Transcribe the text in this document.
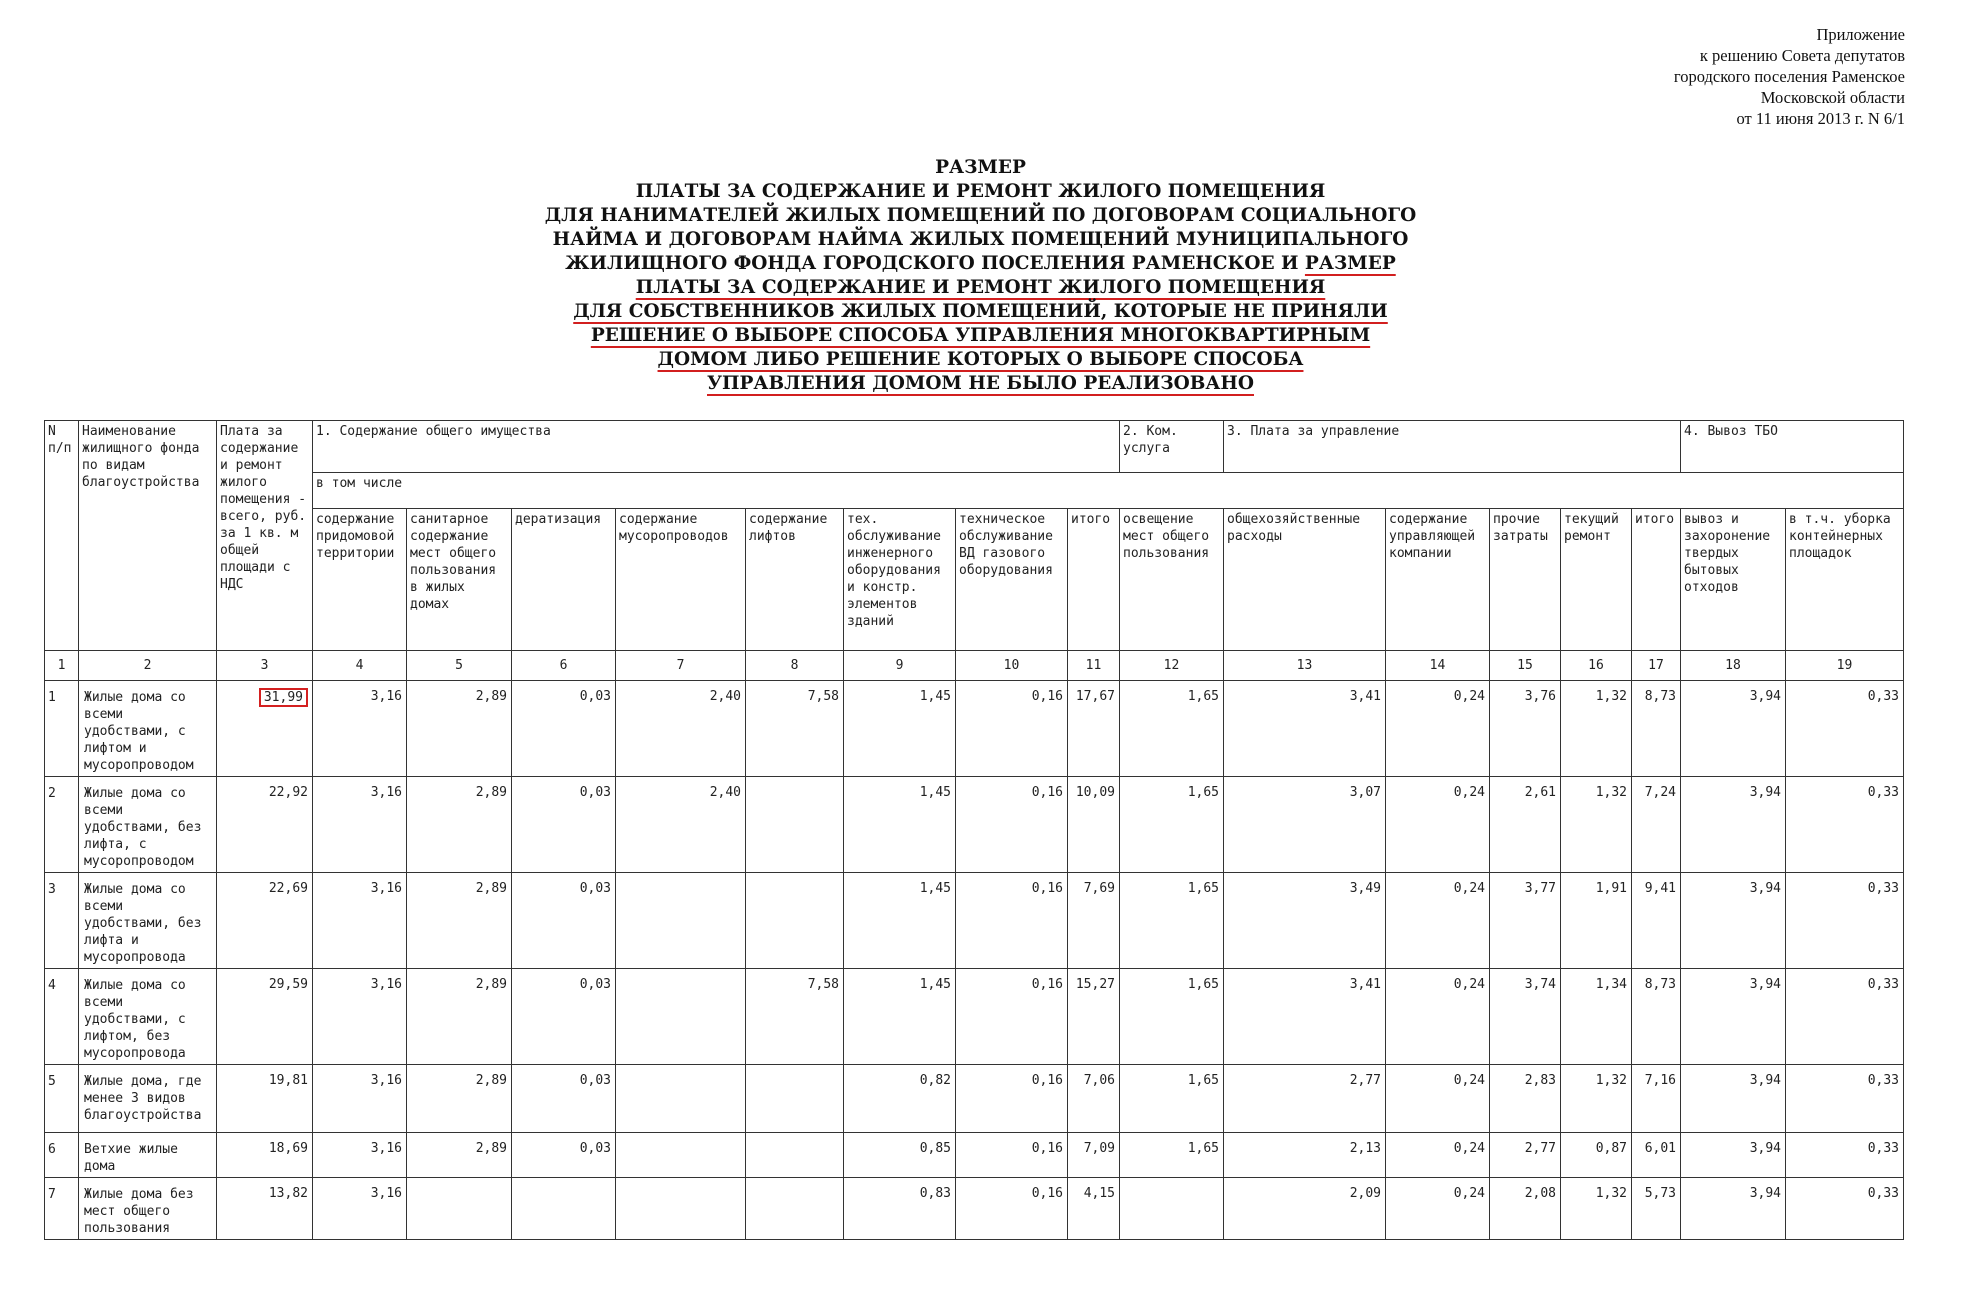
Приложение
к решению Совета депутатов
городского поселения Раменское
Московской области
от 11 июня 2013 г. N 6/1
РАЗМЕР
ПЛАТЫ ЗА СОДЕРЖАНИЕ И РЕМОНТ ЖИЛОГО ПОМЕЩЕНИЯ
ДЛЯ НАНИМАТЕЛЕЙ ЖИЛЫХ ПОМЕЩЕНИЙ ПО ДОГОВОРАМ СОЦИАЛЬНОГО
НАЙМА И ДОГОВОРАМ НАЙМА ЖИЛЫХ ПОМЕЩЕНИЙ МУНИЦИПАЛЬНОГО
ЖИЛИЩНОГО ФОНДА ГОРОДСКОГО ПОСЕЛЕНИЯ РАМЕНСКОЕ И РАЗМЕР
ПЛАТЫ ЗА СОДЕРЖАНИЕ И РЕМОНТ ЖИЛОГО ПОМЕЩЕНИЯ
ДЛЯ СОБСТВЕННИКОВ ЖИЛЫХ ПОМЕЩЕНИЙ, КОТОРЫЕ НЕ ПРИНЯЛИ
РЕШЕНИЕ О ВЫБОРЕ СПОСОБА УПРАВЛЕНИЯ МНОГОКВАРТИРНЫМ
ДОМОМ ЛИБО РЕШЕНИЕ КОТОРЫХ О ВЫБОРЕ СПОСОБА
УПРАВЛЕНИЯ ДОМОМ НЕ БЫЛО РЕАЛИЗОВАНО
N п/п	Наименование жилищного фонда по видам благоустройства	Плата за содержание и ремонт жилого помещения - всего, руб. за 1 кв. м общей площади с НДС	1. Содержание общего имущества								2. Ком. услуга	3. Плата за управление					4. Вывоз ТБО	
			в том числе															
			содержание придомовой территории	санитарное содержание мест общего пользования в жилых домах	дератизация	содержание мусоропроводов	содержание лифтов	тех. обслуживание инженерного оборудования и констр. элементов зданий	техническое обслуживание ВД газового оборудования	итого	освещение мест общего пользования	общехозяйственные расходы	содержание управляющей компании	прочие затраты	текущий ремонт	итого	вывоз и захоронение твердых бытовых отходов	в т.ч. уборка контейнерных площадок
1	2	3	4	5	6	7	8	9	10	11	12	13	14	15	16	17	18	19
1	Жилые дома со всеми удобствами, с лифтом и мусоропроводом	31,99	3,16	2,89	0,03	2,40	7,58	1,45	0,16	17,67	1,65	3,41	0,24	3,76	1,32	8,73	3,94	0,33
2	Жилые дома со всеми удобствами, без лифта, с мусоропроводом	22,92	3,16	2,89	0,03	2,40		1,45	0,16	10,09	1,65	3,07	0,24	2,61	1,32	7,24	3,94	0,33
3	Жилые дома со всеми удобствами, без лифта и мусоропровода	22,69	3,16	2,89	0,03			1,45	0,16	7,69	1,65	3,49	0,24	3,77	1,91	9,41	3,94	0,33
4	Жилые дома со всеми удобствами, с лифтом, без мусоропровода	29,59	3,16	2,89	0,03		7,58	1,45	0,16	15,27	1,65	3,41	0,24	3,74	1,34	8,73	3,94	0,33
5	Жилые дома, где менее 3 видов благоустройства	19,81	3,16	2,89	0,03			0,82	0,16	7,06	1,65	2,77	0,24	2,83	1,32	7,16	3,94	0,33
6	Ветхие жилые дома	18,69	3,16	2,89	0,03			0,85	0,16	7,09	1,65	2,13	0,24	2,77	0,87	6,01	3,94	0,33
7	Жилые дома без мест общего пользования	13,82	3,16					0,83	0,16	4,15		2,09	0,24	2,08	1,32	5,73	3,94	0,33
